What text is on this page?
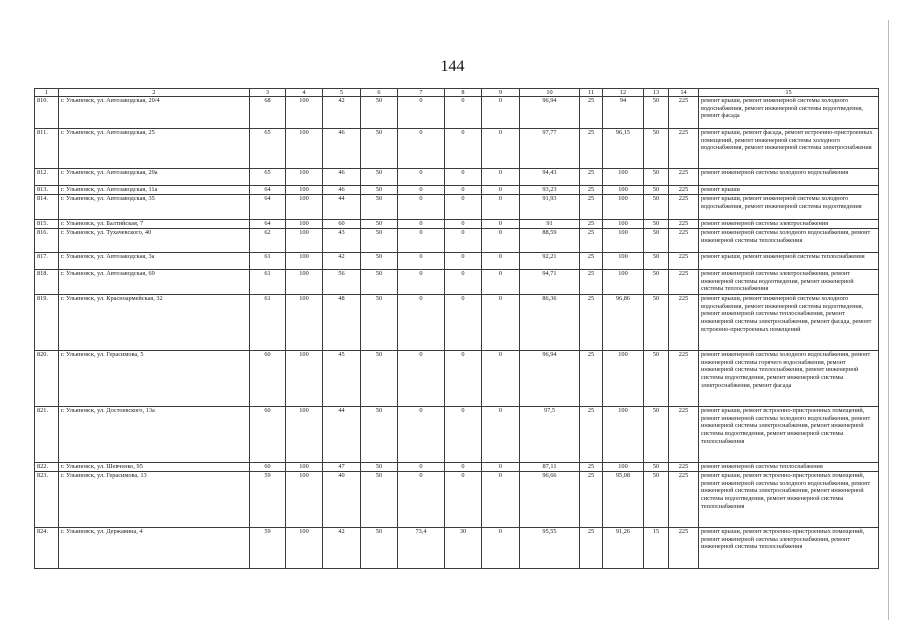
144
1	2	3	4	5	6	7	8	9	10	11	12	13	14	15
810.	г. Ульяновск, ул. Автозаводская, 20/4	68	100	42	50	0	0	0	96,94	25	94	50	225	ремонт крыши, ремонт инженерной системы холодного водоснабжения, ремонт инженерной системы водоотведения, ремонт фасада
811.	г. Ульяновск, ул. Автозаводская, 25	65	100	46	50	0	0	0	97,77	25	96,15	50	225	ремонт крыши, ремонт фасада, ремонт встроенно-пристроенных помещений, ремонт инженерной системы холодного водоснабжения, ремонт инженерной системы электроснабжения
812.	г. Ульяновск, ул. Автозаводская, 29а	65	100	46	50	0	0	0	94,43	25	100	50	225	ремонт инженерной системы холодного водоснабжения
813.	г. Ульяновск, ул. Автозаводская, 11а	64	100	46	50	0	0	0	93,23	25	100	50	225	ремонт крыши
814.	г. Ульяновск, ул. Автозаводская, 35	64	100	44	50	0	0	0	91,93	25	100	50	225	ремонт крыши, ремонт инженерной системы холодного водоснабжения, ремонт инженерной системы водоотведения
815.	г. Ульяновск, ул. Балтийская, 7	64	100	60	50	0	0	0	91	25	100	50	225	ремонт инженерной системы электроснабжения
816.	г. Ульяновск, ул. Тухачевского, 40	62	100	43	50	0	0	0	88,59	25	100	50	225	ремонт инженерной системы холодного водоснабжения, ремонт инженерной системы теплоснабжения
817.	г. Ульяновск, ул. Автозаводская, 3а	61	100	42	50	0	0	0	92,21	25	100	50	225	ремонт крыши, ремонт инженерной системы теплоснабжения
818.	г. Ульяновск, ул. Автозаводская, 69	61	100	56	50	0	0	0	94,71	25	100	50	225	ремонт инженерной системы электроснабжения, ремонт инженерной системы водоотведения, ремонт инженерной системы теплоснабжения
819.	г. Ульяновск, ул. Красноармейская, 32	61	100	48	50	0	0	0	86,36	25	96,86	50	225	ремонт крыши, ремонт инженерной системы холодного водоснабжения, ремонт инженерной системы водоотведения, ремонт инженерной системы теплоснабжения, ремонт инженерной системы электроснабжения, ремонт фасада, ремонт встроенно-пристроенных помещений
820.	г. Ульяновск, ул. Герасимова, 5	60	100	45	50	0	0	0	96,94	25	100	50	225	ремонт инженерной системы холодного водоснабжения, ремонт инженерной системы горячего водоснабжения, ремонт инженерной системы теплоснабжения, ремонт инженерной системы водоотведения, ремонт инженерной системы электроснабжения, ремонт фасада
821.	г. Ульяновск, ул. Достоевского, 13а	60	100	44	50	0	0	0	97,5	25	100	50	225	ремонт крыши, ремонт встроенно-пристроенных помещений, ремонт инженерной системы холодного водоснабжения, ремонт инженерной системы электроснабжения, ремонт инженерной системы водоотведения, ремонт инженерной системы теплоснабжения
822.	г. Ульяновск, ул. Шевченко, 95	60	100	47	50	0	0	0	87,11	25	100	50	225	ремонт инженерной системы теплоснабжения
823.	г. Ульяновск, ул. Герасимова, 13	59	100	40	50	0	0	0	96,66	25	95,08	50	225	ремонт крыши, ремонт встроенно-пристроенных помещений, ремонт инженерной системы холодного водоснабжения, ремонт инженерной системы электроснабжения, ремонт инженерной системы водоотведения, ремонт инженерной системы теплоснабжения
824.	г. Ульяновск, ул. Державина, 4	59	100	42	50	73,4	30	0	95,55	25	91,26	15	225	ремонт крыши, ремонт встроенно-пристроенных помещений, ремонт инженерной системы электроснабжения, ремонт инженерной системы теплоснабжения
